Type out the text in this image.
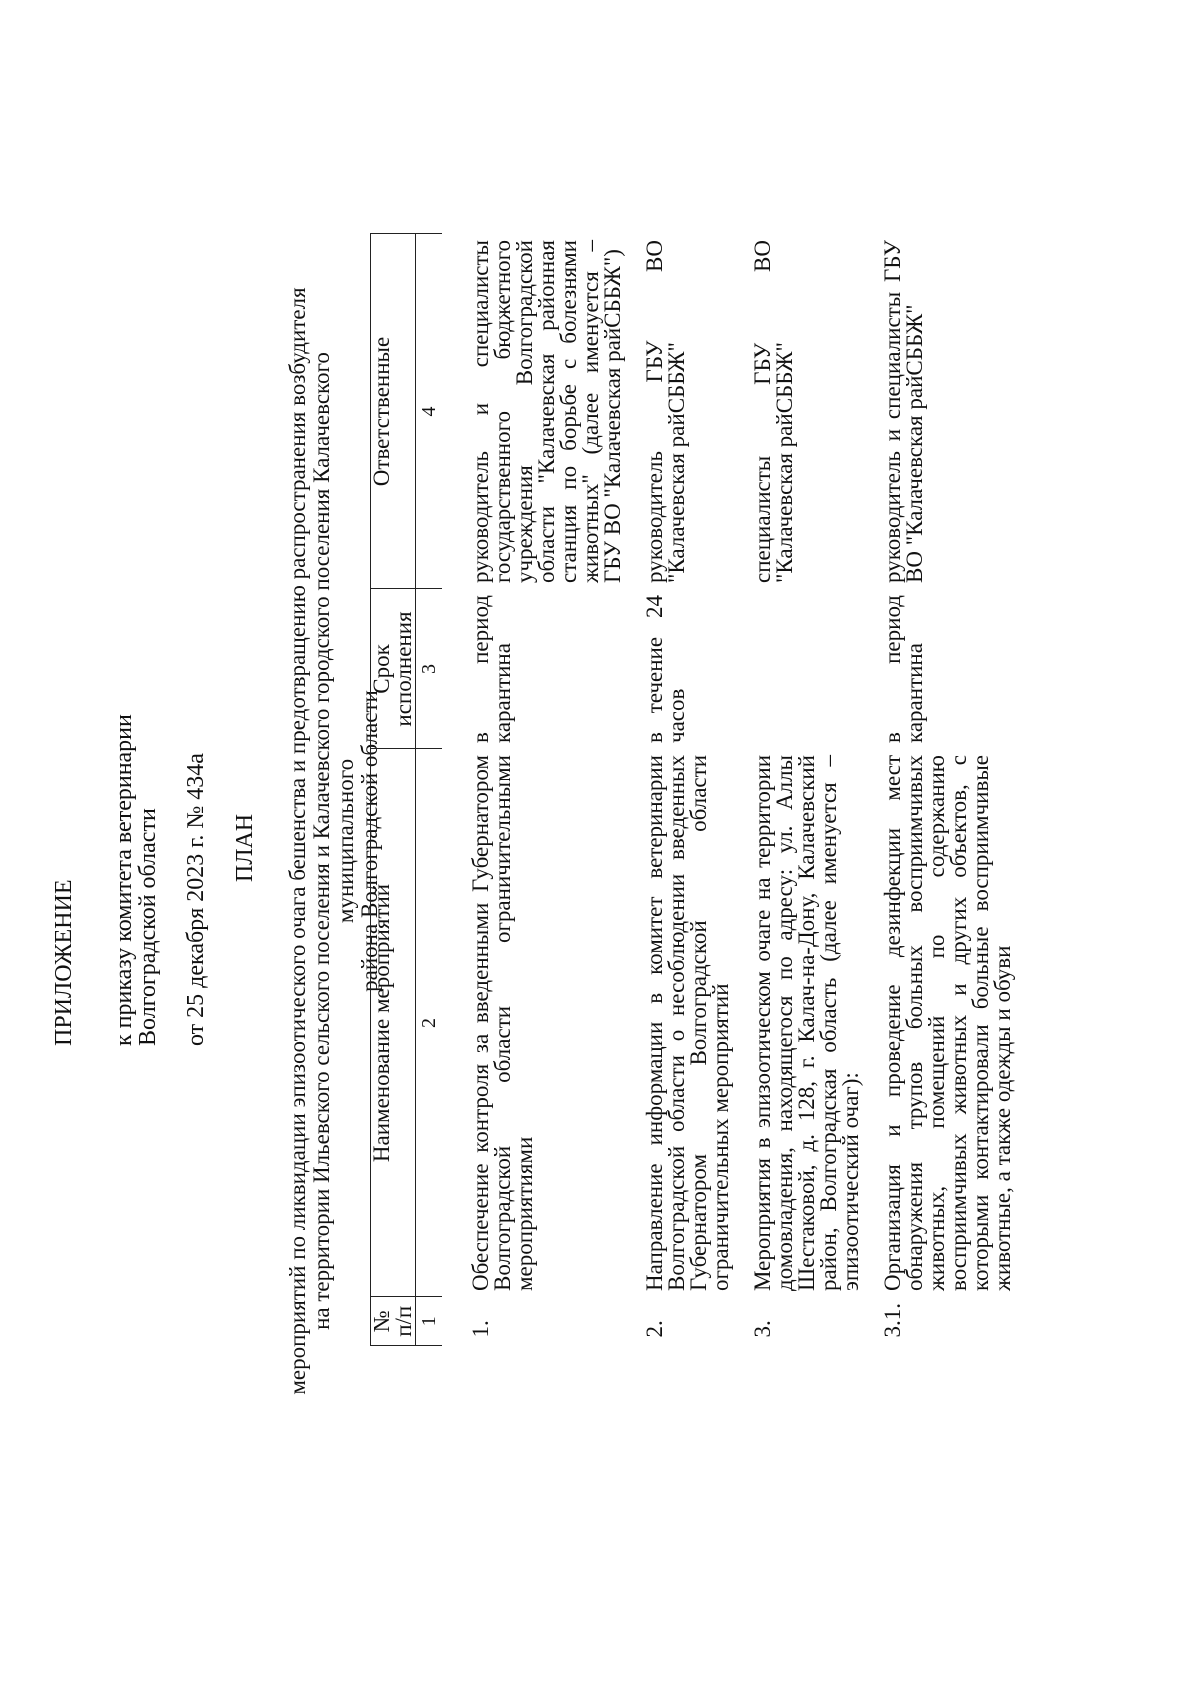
ПРИЛОЖЕНИЕ к приказу комитета ветеринарии
Волгоградской области от 25 декабря 2023 г. № 434а ПЛАН мероприятий по ликвидации эпизоотического очага бешенства и предотвращению распространения возбудителя на территории Ильевского сельского поселения и Калачевского городского поселения Калачевского муниципального района Волгоградской области
№ п/п	Наименование мероприятий	Срок исполнения	Ответственные
1	2	3	4
1.	Обеспечение контроля за введенными Губернатором Волгоградской области ограничительными мероприятиями	в период карантина	руководитель и специалисты государственного бюджетного учреждения Волгоградской области "Калачевская районная станция по борьбе с болезнями животных" (далее именуется – ГБУ ВО "Калачевская райСББЖ")
2.	Направление информации в комитет ветеринарии Волгоградской области о несоблюдении введенных Губернатором Волгоградской области ограничительных мероприятий	в течение 24 часов	руководитель ГБУ ВО "Калачевская райСББЖ"
3.	Мероприятия в эпизоотическом очаге на территории домовладения, находящегося по адресу: ул. Аллы Шестаковой, д. 128, г. Калач-на-Дону, Калачевский район, Волгоградская область (далее именуется – эпизоотический очаг):		специалисты ГБУ ВО "Калачевская райСББЖ"
3.1.	Организация и проведение дезинфекции мест обнаружения трупов больных восприимчивых животных, помещений по содержанию восприимчивых животных и других объектов, с которыми контактировали больные восприимчивые животные, а также одежды и обуви	в период карантина	руководитель и специалисты ГБУ ВО "Калачевская райСББЖ"
